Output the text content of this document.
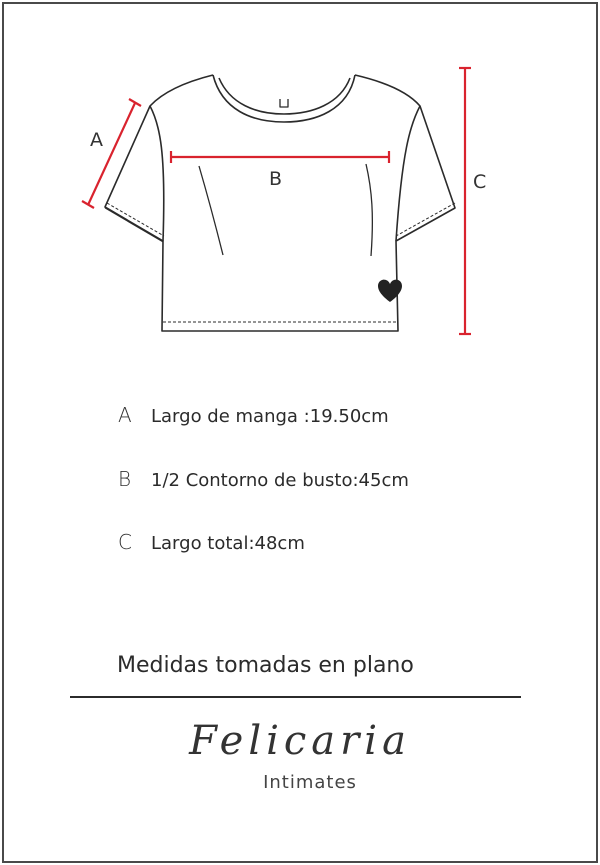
A
B	C
A	Largo de manga :19.50cm
B	1/2 Contorno de busto:45cm
C	Largo total:48cm
Medidas tomadas en plano
Felicaria
Intimates
